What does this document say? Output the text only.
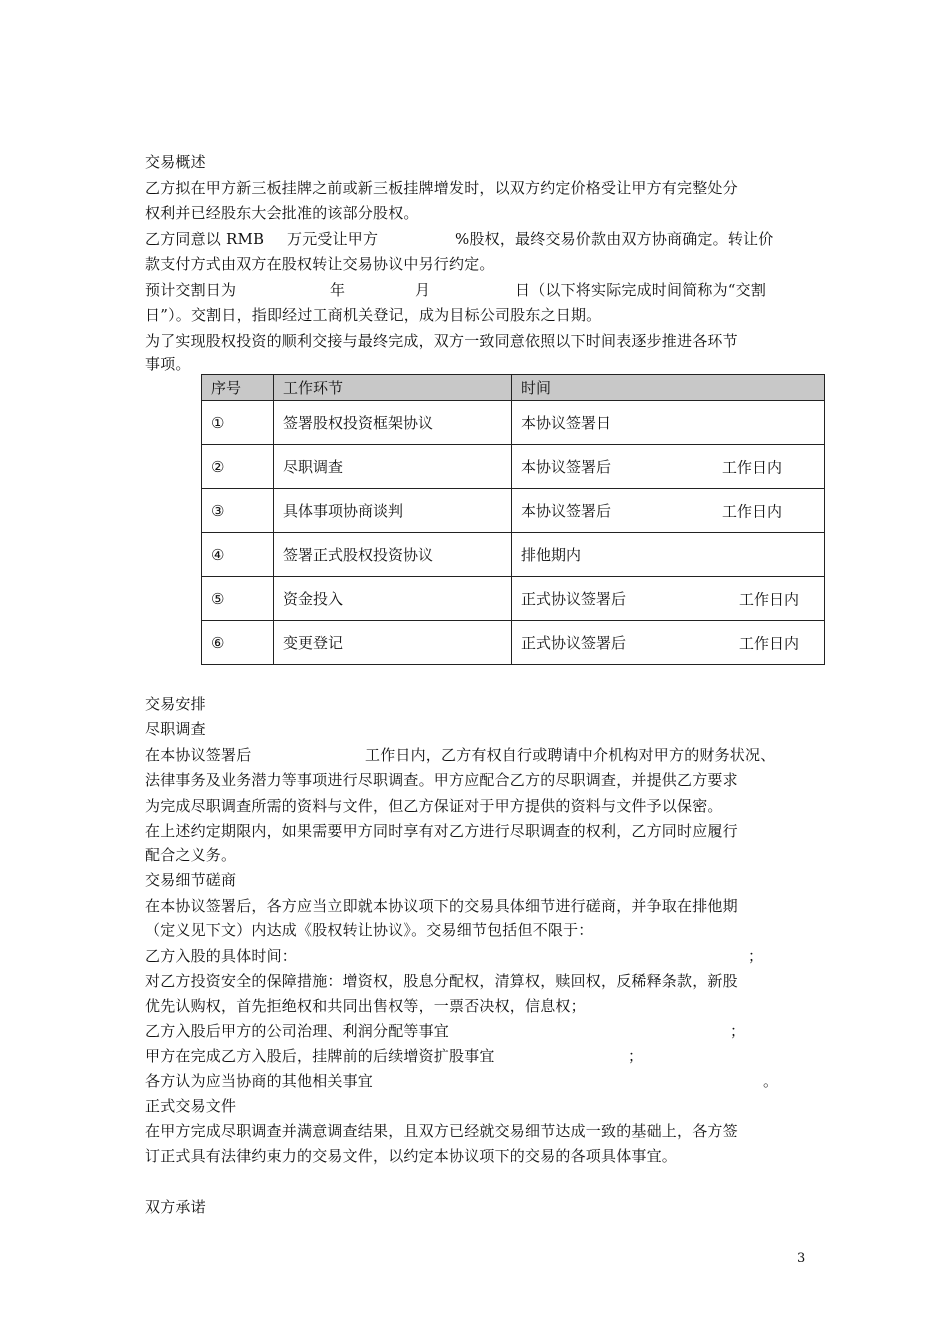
交易概述
乙方拟在甲方新三板挂牌之前或新三板挂牌增发时，以双方约定价格受让甲方有完整处分
权利并已经股东大会批准的该部分股权。
乙方同意以 RMB 万元受让甲方	%股权，最终交易价款由双方协商确定。转让价
款支付方式由双方在股权转让交易协议中另行约定。
预计交割日为	年	月	日（以下将实际完成时间简称为“交割
日”）。交割日，指即经过工商机关登记，成为目标公司股东之日期。
为了实现股权投资的顺利交接与最终完成，双方一致同意依照以下时间表逐步推进各环节
事项。
序号	工作环节	时间
①	签署股权投资框架协议	本协议签署日

②	尽职调查	本协议签署后 工作日内

③	具体事项协商谈判	本协议签署后 工作日内

④	签署正式股权投资协议	排他期内

⑤	资金投入	正式协议签署后 工作日内

⑥	变更登记	正式协议签署后 工作日内
交易安排
尽职调查
在本协议签署后	工作日内，乙方有权自行或聘请中介机构对甲方的财务状况、
法律事务及业务潜力等事项进行尽职调查。甲方应配合乙方的尽职调查，并提供乙方要求
为完成尽职调查所需的资料与文件，但乙方保证对于甲方提供的资料与文件予以保密。
在上述约定期限内，如果需要甲方同时享有对乙方进行尽职调查的权利，乙方同时应履行
配合之义务。
交易细节磋商
在本协议签署后，各方应当立即就本协议项下的交易具体细节进行磋商，并争取在排他期
（定义见下文）内达成《股权转让协议》。交易细节包括但不限于：
乙方入股的具体时间：	；
对乙方投资安全的保障措施：增资权，股息分配权，清算权，赎回权，反稀释条款，新股
优先认购权，首先拒绝权和共同出售权等，一票否决权，信息权；
乙方入股后甲方的公司治理、利润分配等事宜	；
甲方在完成乙方入股后，挂牌前的后续增资扩股事宜	；
各方认为应当协商的其他相关事宜	。
正式交易文件
在甲方完成尽职调查并满意调查结果，且双方已经就交易细节达成一致的基础上，各方签
订正式具有法律约束力的交易文件，以约定本协议项下的交易的各项具体事宜。
双方承诺
3
